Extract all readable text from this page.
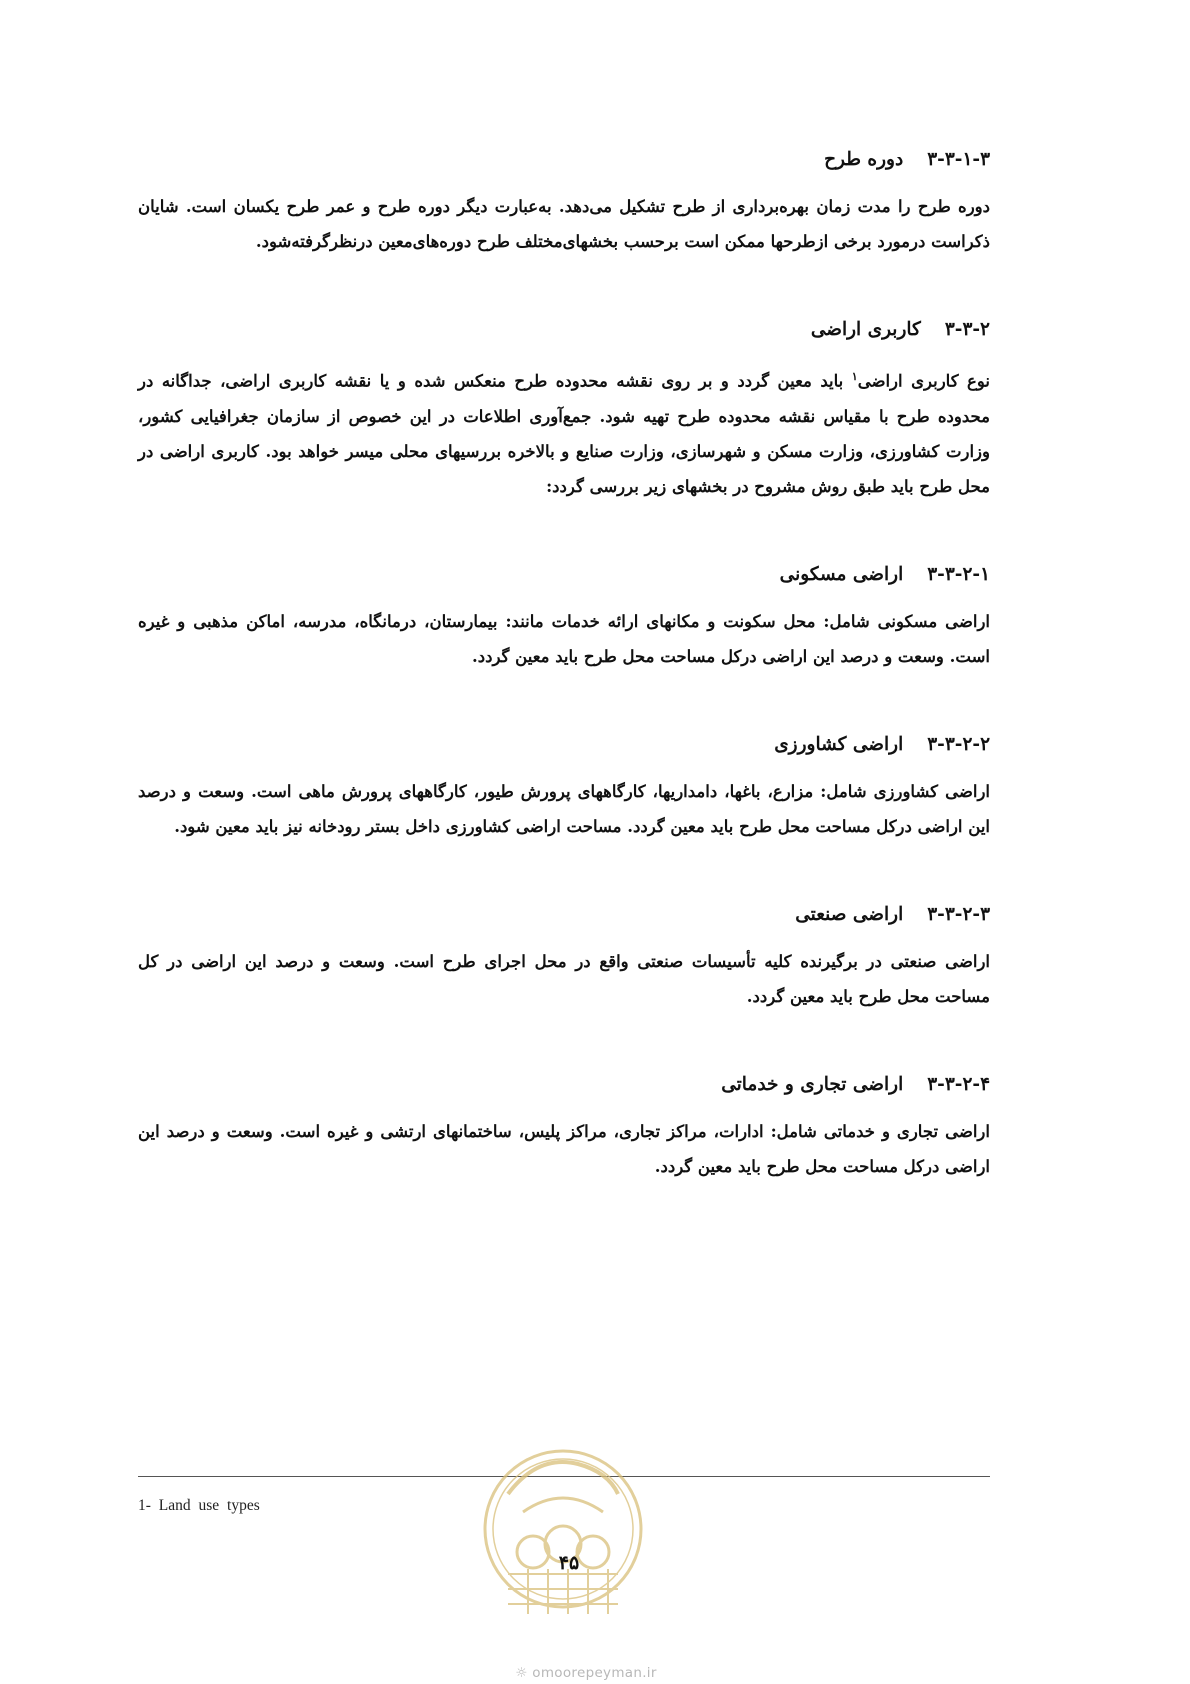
۳-۳-۱-۳دوره طرح

دوره طرح را مدت زمان بهره‌برداری از طرح تشکیل می‌دهد. به‌عبارت دیگر دوره طرح و عمر طرح یکسان است. شایان ذکراست درمورد برخی ازطرحها ممکن است برحسب بخشهای‌مختلف طرح دوره‌های‌معین درنظرگرفته‌شود.

۳-۳-۲کاربری اراضی

نوع کاربری اراضی$^۱$ باید معین گردد و بر روی نقشه محدوده طرح منعکس شده و یا نقشه کاربری اراضی، جداگانه در محدوده طرح با مقیاس نقشه محدوده طرح تهیه شود. جمع‌آوری اطلاعات در این خصوص از سازمان جغرافیایی کشور، وزارت کشاورزی، وزارت مسکن و شهرسازی، وزارت صنایع و بالاخره بررسیهای محلی میسر خواهد بود. کاربری اراضی در محل طرح باید طبق روش مشروح در بخشهای زیر بررسی گردد:

۳-۳-۲-۱اراضی مسکونی

اراضی مسکونی شامل: محل سکونت و مکانهای ارائه خدمات مانند: بیمارستان، درمانگاه، مدرسه، اماکن مذهبی و غیره است. وسعت و درصد این اراضی درکل مساحت محل طرح باید معین گردد.

۳-۳-۲-۲اراضی کشاورزی

اراضی کشاورزی شامل: مزارع، باغها، دامداریها، کارگاههای پرورش طیور، کارگاههای پرورش ماهی است. وسعت و درصد این اراضی درکل مساحت محل طرح باید معین گردد. مساحت اراضی کشاورزی داخل بستر رودخانه نیز باید معین شود.

۳-۳-۲-۳اراضی صنعتی

اراضی صنعتی در برگیرنده کلیه تأسیسات صنعتی واقع در محل اجرای طرح است. وسعت و درصد این اراضی در کل مساحت محل طرح باید معین گردد.

۳-۳-۲-۴اراضی تجاری و خدماتی

اراضی تجاری و خدماتی شامل: ادارات، مراکز تجاری، مراکز پلیس، ساختمانهای ارتشی و غیره است. وسعت و درصد این اراضی درکل مساحت محل طرح باید معین گردد.

1- Land use types
۴۵
☼ omoorepeyman.ir
